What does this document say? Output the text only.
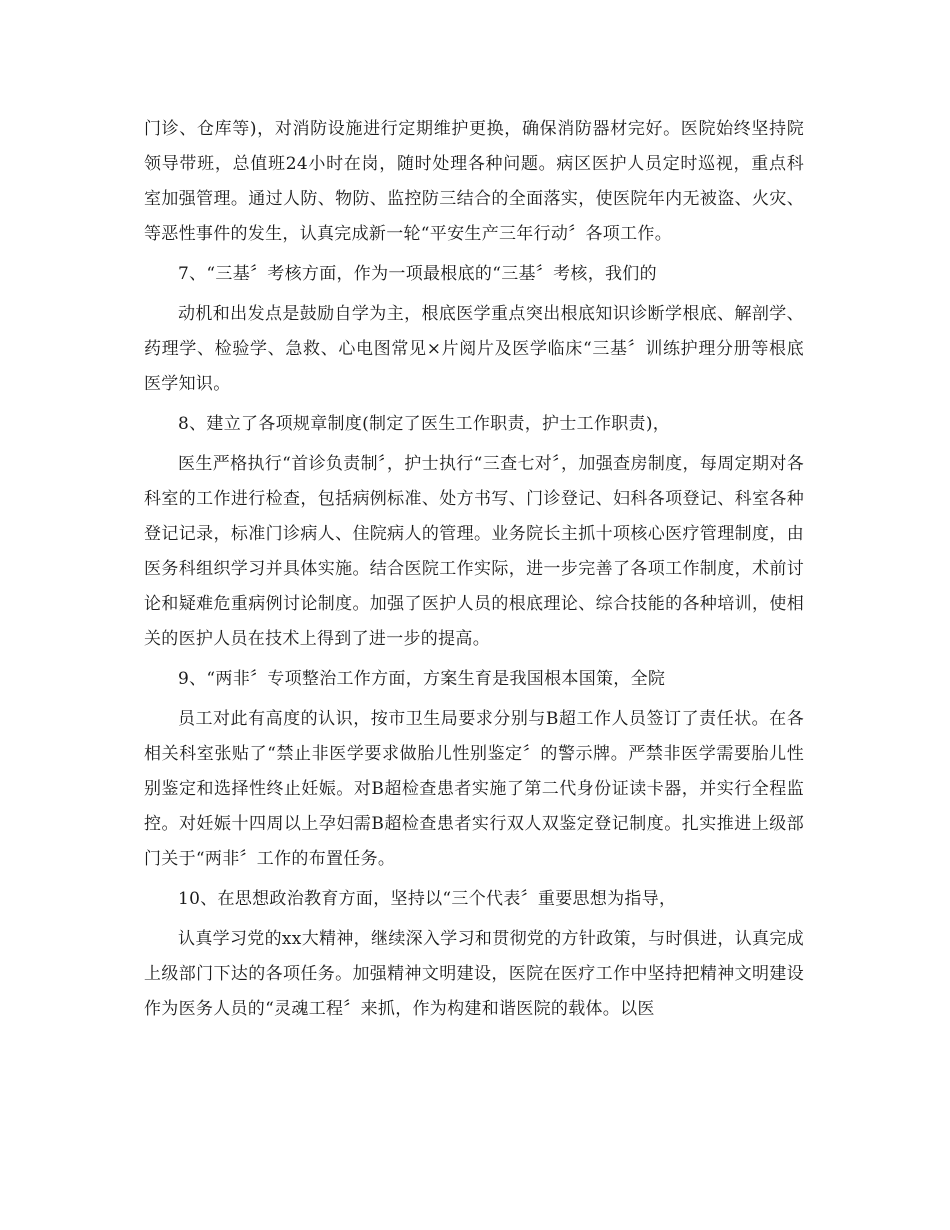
门诊、仓库等)，对消防设施进行定期维护更换，确保消防器材完好。医院始终坚持院领导带班，总值班24小时在岗，随时处理各种问题。病区医护人员定时巡视，重点科室加强管理。通过人防、物防、监控防三结合的全面落实，使医院年内无被盗、火灾、等恶性事件的发生，认真完成新一轮“平安生产三年行动〞各项工作。

7、“三基〞考核方面，作为一项最根底的“三基〞考核，我们的

动机和出发点是鼓励自学为主，根底医学重点突出根底知识诊断学根底、解剖学、药理学、检验学、急救、心电图常见×片阅片及医学临床“三基〞训练护理分册等根底医学知识。

8、建立了各项规章制度(制定了医生工作职责，护士工作职责)，

医生严格执行“首诊负责制〞，护士执行“三查七对〞，加强查房制度，每周定期对各科室的工作进行检查，包括病例标准、处方书写、门诊登记、妇科各项登记、科室各种登记记录，标准门诊病人、住院病人的管理。业务院长主抓十项核心医疗管理制度，由医务科组织学习并具体实施。结合医院工作实际，进一步完善了各项工作制度，术前讨论和疑难危重病例讨论制度。加强了医护人员的根底理论、综合技能的各种培训，使相关的医护人员在技术上得到了进一步的提高。

9、“两非〞专项整治工作方面，方案生育是我国根本国策，全院

员工对此有高度的认识，按市卫生局要求分别与B超工作人员签订了责任状。在各相关科室张贴了“禁止非医学要求做胎儿性别鉴定〞的警示牌。严禁非医学需要胎儿性别鉴定和选择性终止妊娠。对B超检查患者实施了第二代身份证读卡器，并实行全程监控。对妊娠十四周以上孕妇需B超检查患者实行双人双鉴定登记制度。扎实推进上级部门关于“两非〞工作的布置任务。

10、在思想政治教育方面，坚持以“三个代表〞重要思想为指导，

认真学习党的xx大精神，继续深入学习和贯彻党的方针政策，与时俱进，认真完成上级部门下达的各项任务。加强精神文明建设，医院在医疗工作中坚持把精神文明建设作为医务人员的“灵魂工程〞来抓，作为构建和谐医院的载体。以医
